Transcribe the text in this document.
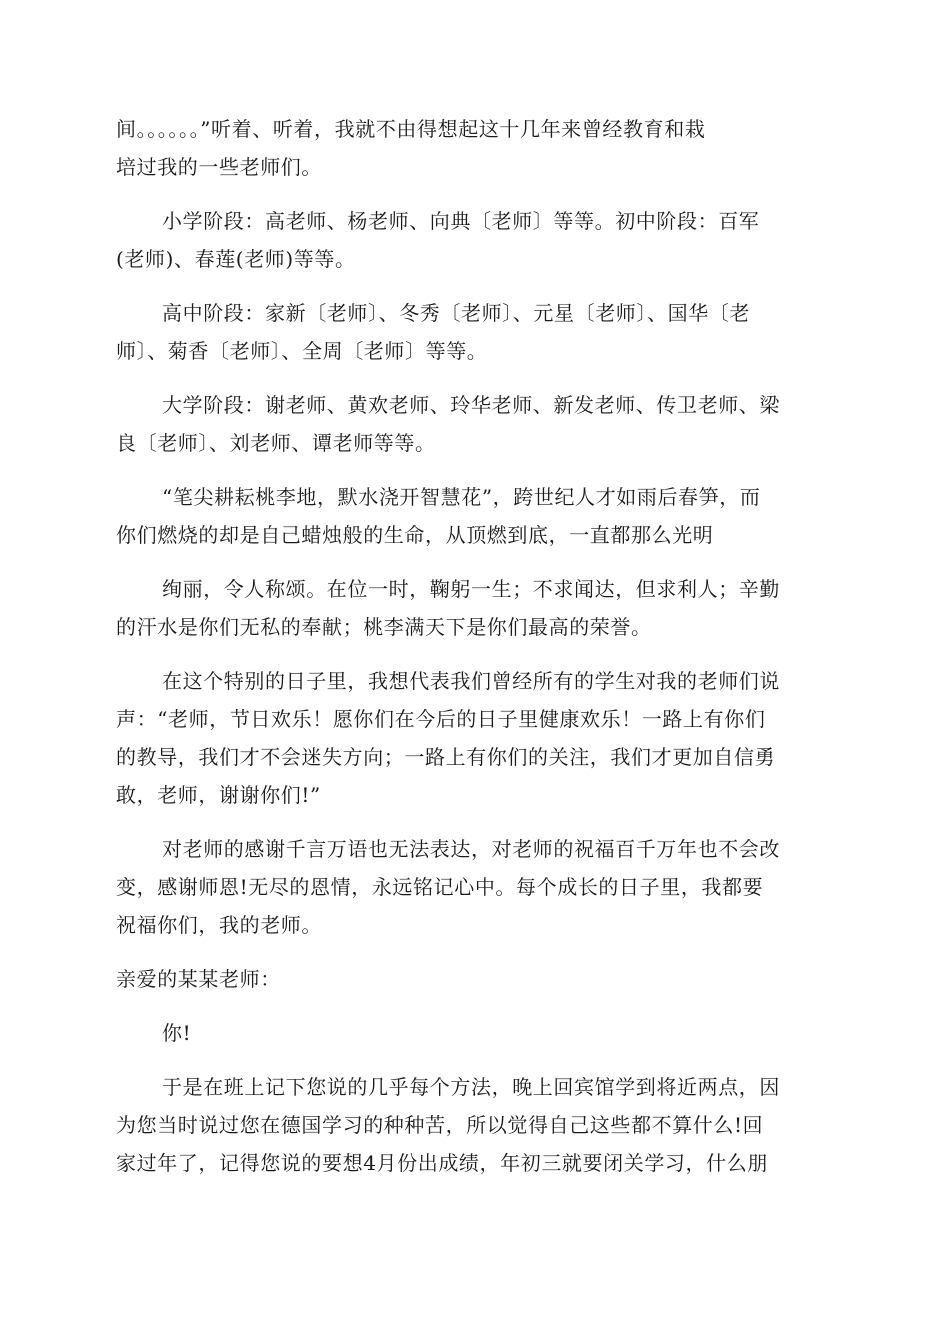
间。。。。。。”听着、听着，我就不由得想起这十几年来曾经教育和栽
培过我的一些老师们。
小学阶段：高老师、杨老师、向典〔老师〕等等。初中阶段：百军
(老师)、春莲(老师)等等。
高中阶段：家新〔老师〕、冬秀〔老师〕、元星〔老师〕、国华〔老
师〕、菊香〔老师〕、全周〔老师〕等等。
大学阶段：谢老师、黄欢老师、玲华老师、新发老师、传卫老师、梁
良〔老师〕、刘老师、谭老师等等。
“笔尖耕耘桃李地，默水浇开智慧花”，跨世纪人才如雨后春笋，而
你们燃烧的却是自己蜡烛般的生命，从顶燃到底，一直都那么光明
绚丽，令人称颂。在位一时，鞠躬一生；不求闻达，但求利人；辛勤
的汗水是你们无私的奉献；桃李满天下是你们最高的荣誉。
在这个特别的日子里，我想代表我们曾经所有的学生对我的老师们说
声：“老师，节日欢乐！愿你们在今后的日子里健康欢乐！一路上有你们
的教导，我们才不会迷失方向；一路上有你们的关注，我们才更加自信勇
敢，老师，谢谢你们!”
对老师的感谢千言万语也无法表达，对老师的祝福百千万年也不会改
变，感谢师恩!无尽的恩情，永远铭记心中。每个成长的日子里，我都要
祝福你们，我的老师。
亲爱的某某老师：
你!
于是在班上记下您说的几乎每个方法，晚上回宾馆学到将近两点，因
为您当时说过您在德国学习的种种苦，所以觉得自己这些都不算什么!回
家过年了，记得您说的要想4月份出成绩，年初三就要闭关学习，什么朋
